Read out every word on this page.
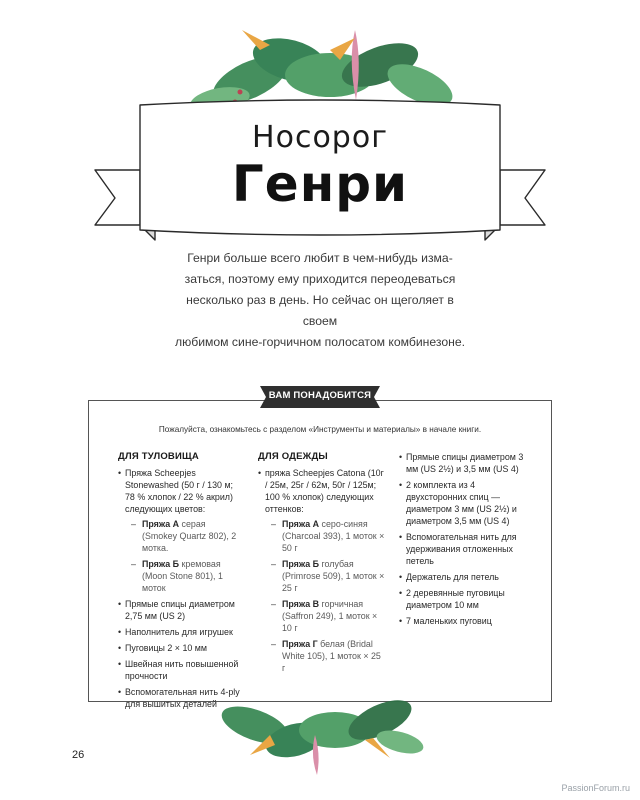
Носорог
Генри
Генри больше всего любит в чем-нибудь изма-
заться, поэтому ему приходится переодеваться
несколько раз в день. Но сейчас он щеголяет в своем
любимом сине-горчичном полосатом комбинезоне.
ВАМ ПОНАДОБИТСЯ
Пожалуйста, ознакомьтесь с разделом «Инструменты и материалы» в начале книги.
ДЛЯ ТУЛОВИЩА
• Пряжа Scheepjes Stonewashed (50 г / 130 м; 78 % хлопок / 22 % акрил) следующих цветов:
– Пряжа А серая (Smokey Quartz 802), 2 мотка.
– Пряжа Б кремовая (Moon Stone 801), 1 моток
• Прямые спицы диаметром 2,75 мм (US 2)
• Наполнитель для игрушек
• Пуговицы 2 × 10 мм
• Швейная нить повышенной прочности
• Вспомогательная нить 4-ply для вышитых деталей
ДЛЯ ОДЕЖДЫ
• пряжа Scheepjes Catona (10г / 25м, 25г / 62м, 50г / 125м; 100 % хлопок) следующих оттенков:
– Пряжа А серо-синяя (Charcoal 393), 1 моток × 50 г
– Пряжа Б голубая (Primrose 509), 1 моток × 25 г
– Пряжа В горчичная (Saffron 249), 1 моток × 10 г
– Пряжа Г белая (Bridal White 105), 1 моток × 25 г
• Прямые спицы диаметром 3 мм (US 2½) и 3,5 мм (US 4)
• 2 комплекта из 4 двухсторонних спиц — диаметром 3 мм (US 2½) и диаметром 3,5 мм (US 4)
• Вспомогательная нить для удерживания отложенных петель
• Держатель для петель
• 2 деревянные пуговицы диаметром 10 мм
• 7 маленьких пуговиц
26
PassionForum.ru
